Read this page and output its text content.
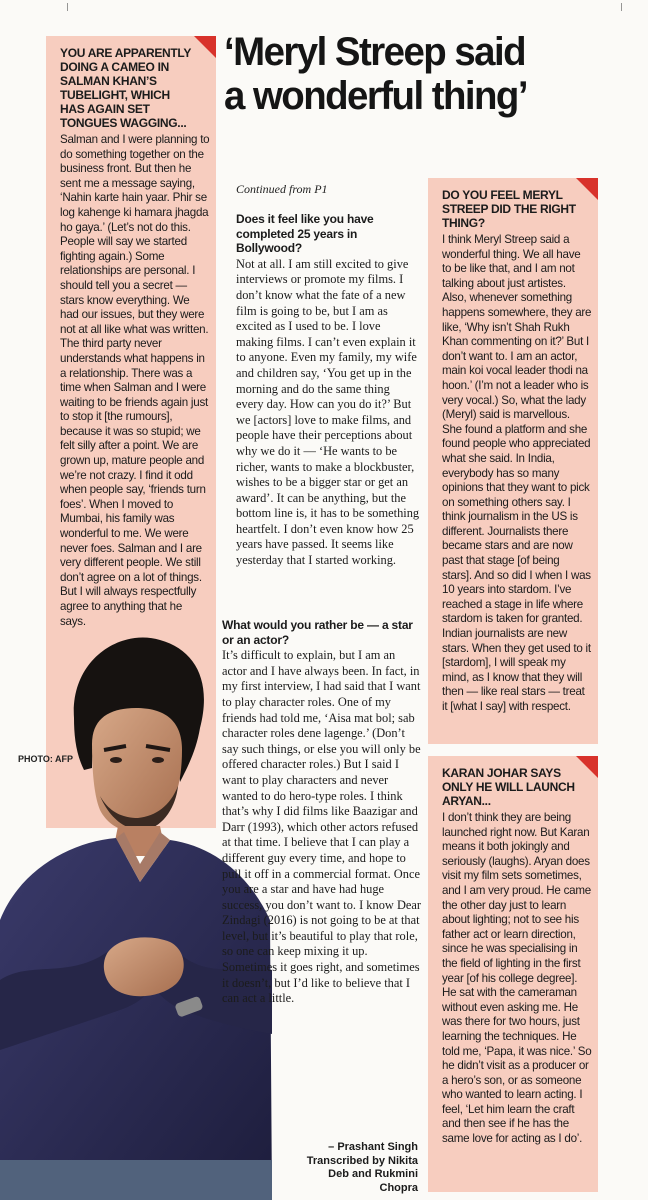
|	|

YOU ARE APPARENTLY DOING A CAMEO IN SALMAN KHAN’S TUBELIGHT, WHICH HAS AGAIN SET TONGUES WAGGING...

Salman and I were planning to do something together on the business front. But then he sent me a message saying, ‘Nahin karte hain yaar. Phir se log kahenge ki hamara jhagda ho gaya.’ (Let’s not do this. People will say we started fighting again.) Some relationships are personal. I should tell you a secret — stars know everything. We had our issues, but they were not at all like what was written. The third party never understands what happens in a relationship. There was a time when Salman and I were waiting to be friends again just to stop it [the rumours], because it was so stupid; we felt silly after a point. We are grown up, mature people and we’re not crazy. I find it odd when people say, ‘friends turn foes’. When I moved to Mumbai, his family was wonderful to me. We were never foes. Salman and I are very different people. We still don’t agree on a lot of things. But I will always respectfully agree to anything that he says.

PHOTO: AFP
‘Meryl Streep said a wonderful thing’
Continued from P1

Does it feel like you have completed 25 years in Bollywood?

Not at all. I am still excited to give interviews or promote my films. I don’t know what the fate of a new film is going to be, but I am as excited as I used to be. I love making films. I can’t even explain it to anyone. Even my family, my wife and children say, ‘You get up in the morning and do the same thing every day. How can you do it?’ But we [actors] love to make films, and people have their perceptions about why we do it — ‘He wants to be richer, wants to make a blockbuster, wishes to be a bigger star or get an award’. It can be anything, but the bottom line is, it has to be something heartfelt. I don’t even know how 25 years have passed. It seems like yesterday that I started working.

What would you rather be — a star or an actor?

It’s difficult to explain, but I am an actor and I have always been. In fact, in my first interview, I had said that I want to play character roles. One of my friends had told me, ‘Aisa mat bol; sab character roles dene lagenge.’ (Don’t say such things, or else you will only be offered character roles.) But I said I want to play characters and never wanted to do hero-type roles. I think that’s why I did films like Baazigar and Darr (1993), which other actors refused at that time. I believe that I can play a different guy every time, and hope to pull it off in a commercial format. Once you are a star and have had huge success, you don’t want to. I know Dear Zindagi (2016) is not going to be at that level, but it’s beautiful to play that role, so one can keep mixing it up. Sometimes it goes right, and sometimes it doesn’t, but I’d like to believe that I can act a little.

– Prashant Singh
Transcribed by Nikita Deb and Rukmini Chopra

DO YOU FEEL MERYL STREEP DID THE RIGHT THING?

I think Meryl Streep said a wonderful thing. We all have to be like that, and I am not talking about just artistes. Also, whenever something happens somewhere, they are like, ‘Why isn’t Shah Rukh Khan commenting on it?’ But I don’t want to. I am an actor, main koi vocal leader thodi na hoon.’ (I’m not a leader who is very vocal.) So, what the lady (Meryl) said is marvellous. She found a platform and she found people who appreciated what she said. In India, everybody has so many opinions that they want to pick on something others say. I think journalism in the US is different. Journalists there became stars and are now past that stage [of being stars]. And so did I when I was 10 years into stardom. I’ve reached a stage in life where stardom is taken for granted. Indian journalists are new stars. When they get used to it [stardom], I will speak my mind, as I know that they will then — like real stars — treat it [what I say] with respect.

KARAN JOHAR SAYS ONLY HE WILL LAUNCH ARYAN...

I don’t think they are being launched right now. But Karan means it both jokingly and seriously (laughs). Aryan does visit my film sets sometimes, and I am very proud. He came the other day just to learn about lighting; not to see his father act or learn direction, since he was specialising in the field of lighting in the first year [of his college degree]. He sat with the cameraman without even asking me. He was there for two hours, just learning the techniques. He told me, ‘Papa, it was nice.’ So he didn’t visit as a producer or a hero’s son, or as someone who wanted to learn acting. I feel, ‘Let him learn the craft and then see if he has the same love for acting as I do’.
